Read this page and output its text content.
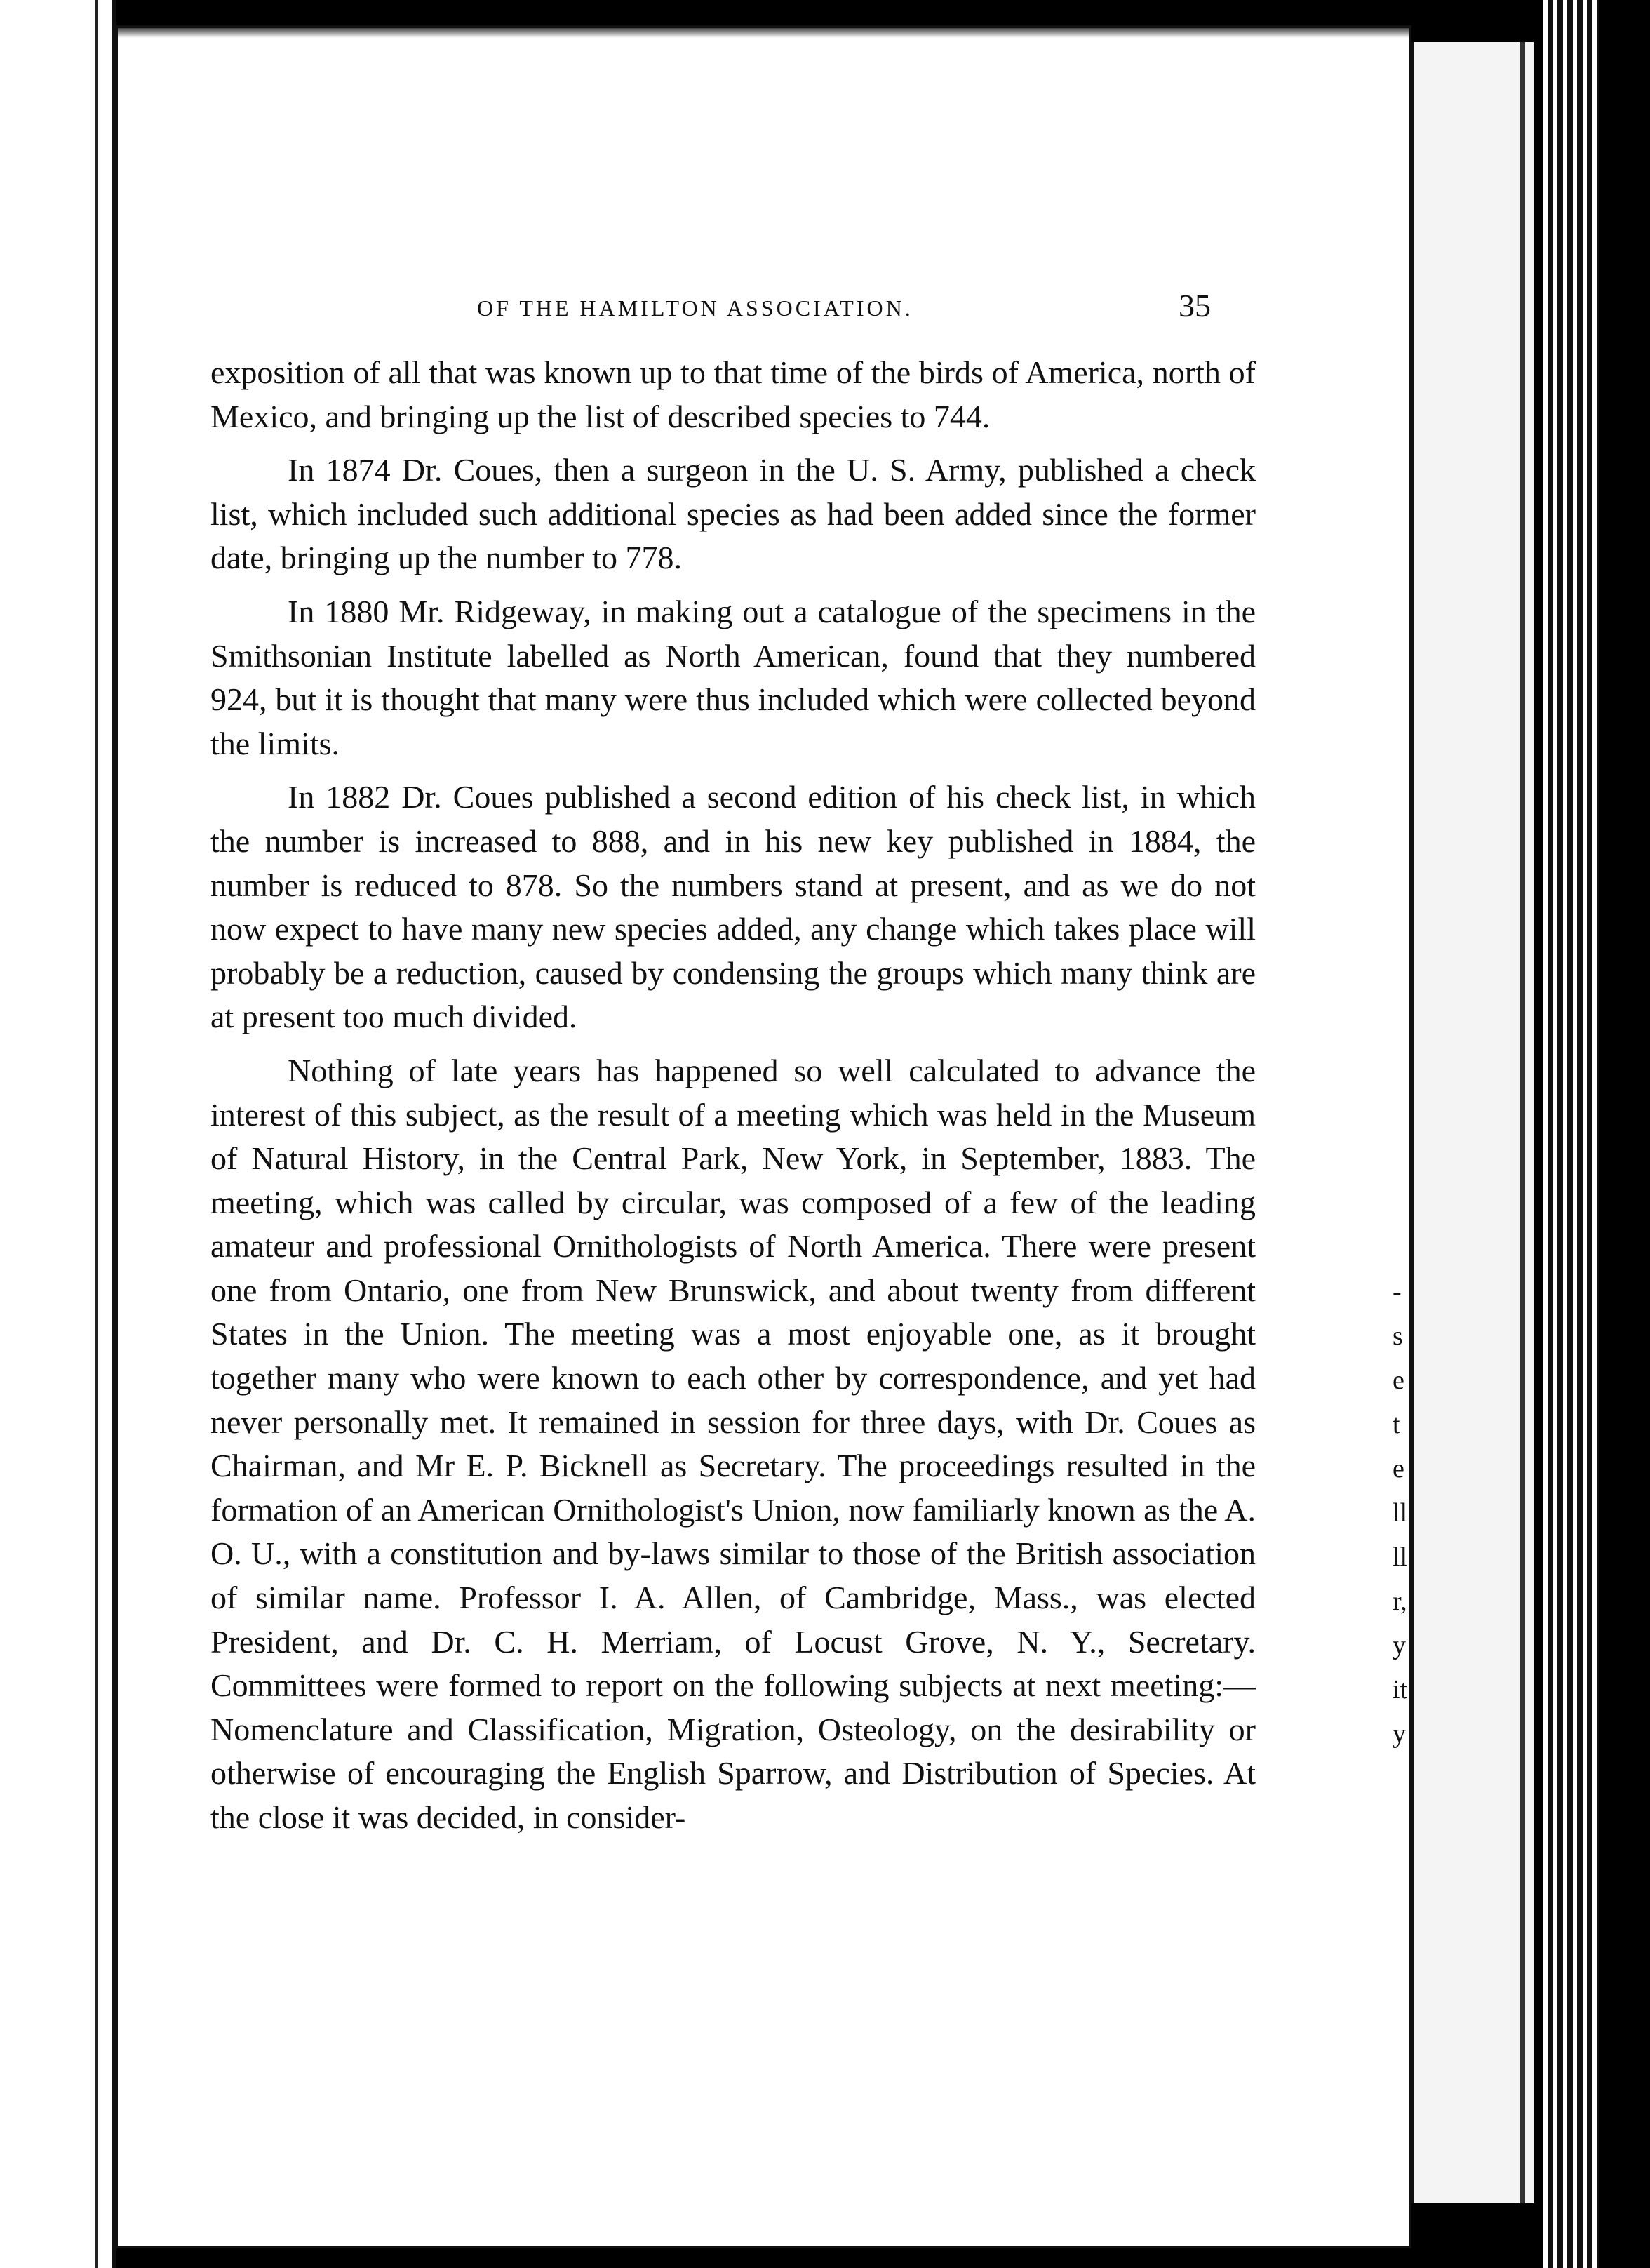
OF THE HAMILTON ASSOCIATION.	35

exposition of all that was known up to that time of the birds of America, north of Mexico, and bringing up the list of described species to 744.

In 1874 Dr. Coues, then a surgeon in the U. S. Army, published a check list, which included such additional species as had been added since the former date, bringing up the number to 778.

In 1880 Mr. Ridgeway, in making out a catalogue of the specimens in the Smithsonian Institute labelled as North American, found that they numbered 924, but it is thought that many were thus included which were collected beyond the limits.

In 1882 Dr. Coues published a second edition of his check list, in which the number is increased to 888, and in his new key published in 1884, the number is reduced to 878. So the numbers stand at present, and as we do not now expect to have many new species added, any change which takes place will probably be a reduction, caused by condensing the groups which many think are at present too much divided.

Nothing of late years has happened so well calculated to advance the interest of this subject, as the result of a meeting which was held in the Museum of Natural History, in the Central Park, New York, in September, 1883. The meeting, which was called by circular, was composed of a few of the leading amateur and professional Ornithologists of North America. There were present one from Ontario, one from New Brunswick, and about twenty from different States in the Union. The meeting was a most enjoyable one, as it brought together many who were known to each other by correspondence, and yet had never personally met. It remained in session for three days, with Dr. Coues as Chairman, and Mr E. P. Bicknell as Secretary. The proceedings resulted in the formation of an American Ornithologist's Union, now familiarly known as the A. O. U., with a constitution and by-laws similar to those of the British association of similar name. Professor I. A. Allen, of Cambridge, Mass., was elected President, and Dr. C. H. Merriam, of Locust Grove, N. Y., Secretary. Committees were formed to report on the following subjects at next meeting:— Nomenclature and Classification, Migration, Osteology, on the desirability or otherwise of encouraging the English Sparrow, and Distribution of Species. At the close it was decided, in consider-

-
s
e
t
e
ll
ll
r,
y
it
y
